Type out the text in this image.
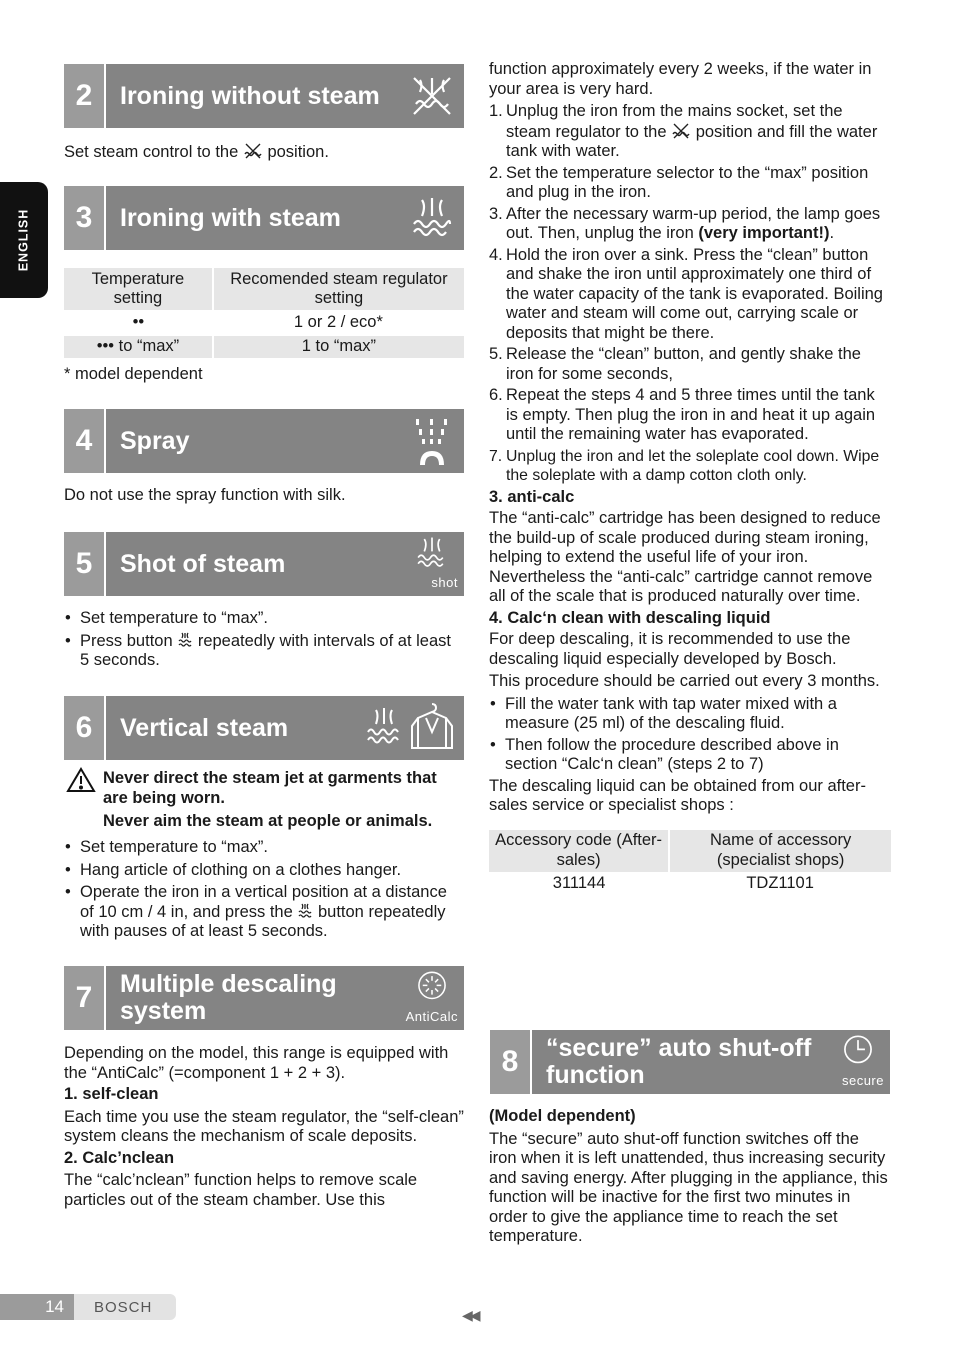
ENGLISH
2	Ironing without steam
Set steam control to the position.
3	Ironing with steam
Temperature setting	Recomended steam regulator setting
••	1 or 2 / eco*
••• to “max”	1 to “max”
* model dependent
4	Spray
Do not use the spray function with silk.
5	Shot of steam
shot
• Set temperature to “max”.
• Press button repeatedly with intervals of at least 5 seconds.
6	Vertical steam
Never direct the steam jet at garments that are being worn.
Never aim the steam at people or animals.
• Set temperature to “max”.
• Hang article of clothing on a clothes hanger.
• Operate the iron in a vertical position at a distance of 10 cm / 4 in, and press the button repeatedly with pauses of at least 5 seconds.
7	Multiple descaling system	AntiCalc
Depending on the model, this range is equipped with the “AntiCalc” (=component 1 + 2 + 3).
1. self-clean
Each time you use the steam regulator, the “self-clean” system cleans the mechanism of scale deposits.
2. Calc’nclean
The “calc’nclean” function helps to remove scale particles out of the steam chamber. Use this
function approximately every 2 weeks, if the water in your area is very hard.
1. Unplug the iron from the mains socket, set the steam regulator to the position and fill the water tank with water.
2. Set the temperature selector to the “max” position and plug in the iron.
3. After the necessary warm-up period, the lamp goes out. Then, unplug the iron (very important!).
4. Hold the iron over a sink. Press the “clean” button and shake the iron until approximately one third of the water capacity of the tank is evaporated. Boiling water and steam will come out, carrying scale or deposits that might be there.
5. Release the “clean” button, and gently shake the iron for some seconds,
6. Repeat the steps 4 and 5 three times until the tank is empty. Then plug the iron in and heat it up again until the remaining water has evaporated.
7. Unplug the iron and let the soleplate cool down. Wipe the soleplate with a damp cotton cloth only.
3. anti-calc
The “anti-calc” cartridge has been designed to reduce the build-up of scale produced during steam ironing, helping to extend the useful life of your iron. Nevertheless the “anti-calc” cartridge cannot remove all of the scale that is produced naturally over time.
4. Calc‘n clean with descaling liquid
For deep descaling, it is recommended to use the descaling liquid especially developed by Bosch.
This procedure should be carried out every 3 months.
• Fill the water tank with tap water mixed with a measure (25 ml) of the descaling fluid.
• Then follow the procedure described above in section “Calc‘n clean” (steps 2 to 7)
The descaling liquid can be obtained from our after-sales service or specialist shops :
Accessory code (After-sales)	Name of accessory (specialist shops)
311144	TDZ1101
8	“secure” auto shut-off function	secure
(Model dependent)
The “secure” auto shut-off function switches off the iron when it is left unattended, thus increasing security and saving energy. After plugging in the appliance, this function will be inactive for the first two minutes in order to give the appliance time to reach the set temperature.
14	BOSCH	◀◀
